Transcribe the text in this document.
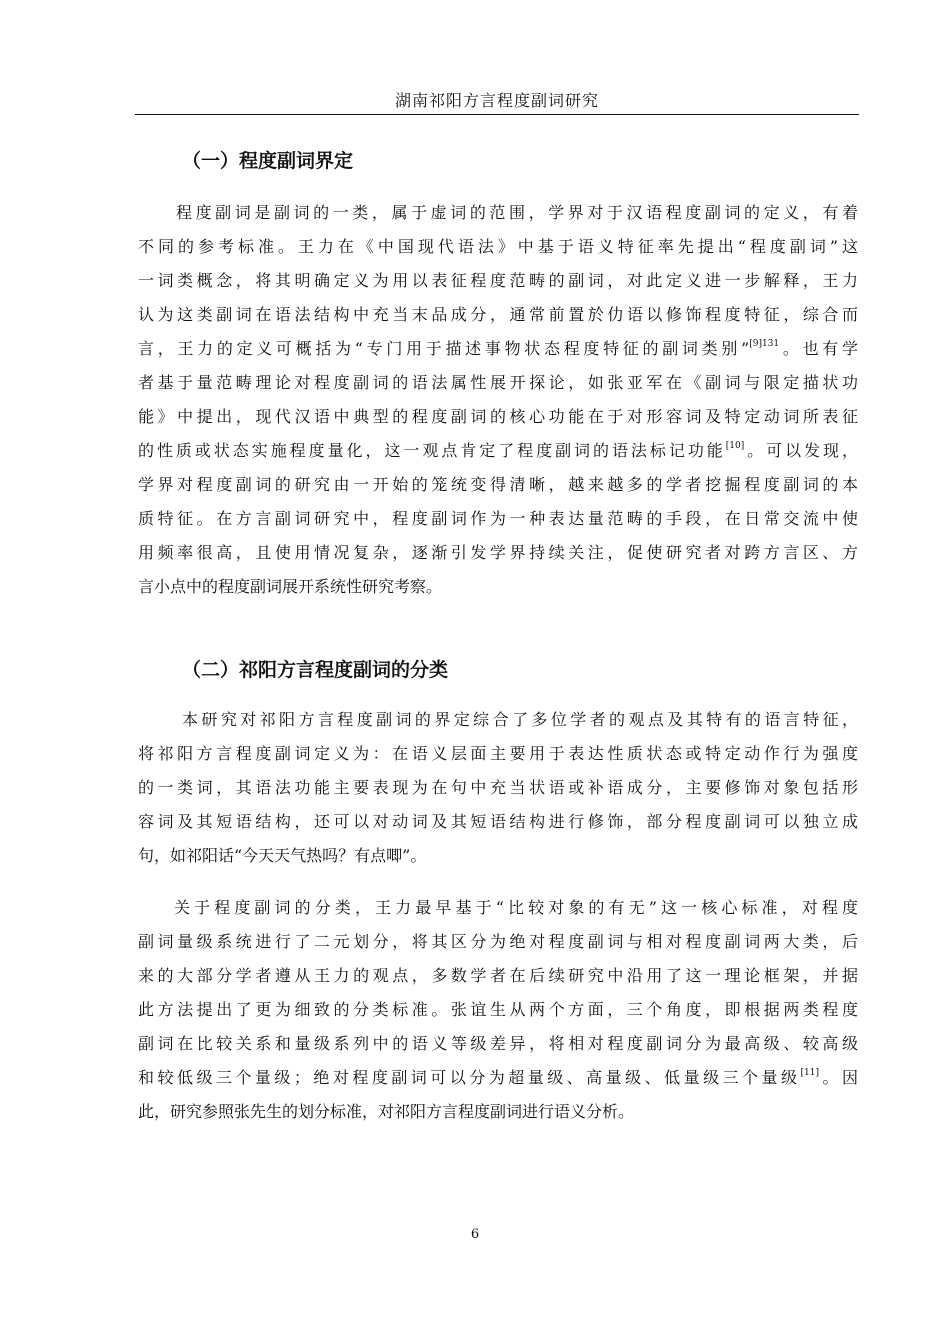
湖南祁阳方言程度副词研究
（一）程度副词界定
程度副词是副词的一类，属于虚词的范围，学界对于汉语程度副词的定义，有着
不同的参考标准。王力在《中国现代语法》中基于语义特征率先提出“程度副词”这
一词类概念，将其明确定义为用以表征程度范畴的副词，对此定义进一步解释，王力
认为这类副词在语法结构中充当末品成分，通常前置於仂语以修饰程度特征，综合而
言，王力的定义可概括为“专门用于描述事物状态程度特征的副词类别”$^{[9]131}$。也有学
者基于量范畴理论对程度副词的语法属性展开探论，如张亚军在《副词与限定描状功
能》中提出，现代汉语中典型的程度副词的核心功能在于对形容词及特定动词所表征
的性质或状态实施程度量化，这一观点肯定了程度副词的语法标记功能[10]。可以发现，
学界对程度副词的研究由一开始的笼统变得清晰，越来越多的学者挖掘程度副词的本
质特征。在方言副词研究中，程度副词作为一种表达量范畴的手段，在日常交流中使
用频率很高，且使用情况复杂，逐渐引发学界持续关注，促使研究者对跨方言区、方
言小点中的程度副词展开系统性研究考察。
（二）祁阳方言程度副词的分类
本研究对祁阳方言程度副词的界定综合了多位学者的观点及其特有的语言特征，
将祁阳方言程度副词定义为：在语义层面主要用于表达性质状态或特定动作行为强度
的一类词，其语法功能主要表现为在句中充当状语或补语成分，主要修饰对象包括形
容词及其短语结构，还可以对动词及其短语结构进行修饰，部分程度副词可以独立成
句，如祁阳话“今天天气热吗？有点唧”。
关于程度副词的分类，王力最早基于“比较对象的有无”这一核心标准，对程度
副词量级系统进行了二元划分，将其区分为绝对程度副词与相对程度副词两大类，后
来的大部分学者遵从王力的观点，多数学者在后续研究中沿用了这一理论框架，并据
此方法提出了更为细致的分类标准。张谊生从两个方面，三个角度，即根据两类程度
副词在比较关系和量级系列中的语义等级差异，将相对程度副词分为最高级、较高级
和较低级三个量级；绝对程度副词可以分为超量级、高量级、低量级三个量级[11]。因
此，研究参照张先生的划分标准，对祁阳方言程度副词进行语义分析。
6
